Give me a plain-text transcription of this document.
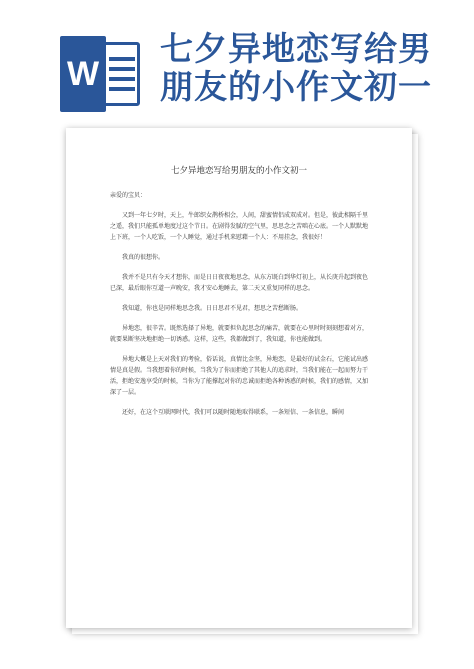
W
七夕异地恋写给男
朋友的小作文初一
七夕异地恋写给男朋友的小作文初一

亲爱的宝贝：

又到一年七夕时，天上，牛郎织女鹊桥相会，人间，甜蜜情侣成双成对。但是，彼此相隔千里之遥，我们只能孤单地度过这个节日。在剧得发腻的空气里，思思念之苦啮在心底。一个人默默地上下班，一个人吃饭，一个人睡觉，通过手机来慰藉一个人：不用挂念，我很好！

我真的很想你。

我并不是只有今天才想你，而是日日夜夜地思念，从东方既白到华灯初上，从长庚升起到夜色已深，最后眼你互道一声晚安，我才安心地睡去，第二天又重复同样的思念。

我知道，你也是同样地思念我。日日思君不见君，想思之苦愁断肠。

异地恋，很辛苦。既然选择了异地，就要担负起思念的痛苦，就要在心里时时刻刻想着对方，就要果断坚决地拒绝一切诱惑。这样，这些，我都做到了，我知道，你也能做到。

异地大概是上天对我们的考验，俗话说，真情比金坚，异地恋，是最好的试金石，它能试出感情是真是假。当我想着你的时候，当我为了你而拒绝了其他人的追求时，当我们能在一起而努力干活，拒绝安逸享受的时候，当你为了能撑起对你的忠诚而拒绝各种诱惑的时候，我们的感情，又加深了一层。

还好，在这个互联网时代，我们可以随时随地取得联系，一条短信、一条信息，瞬间
